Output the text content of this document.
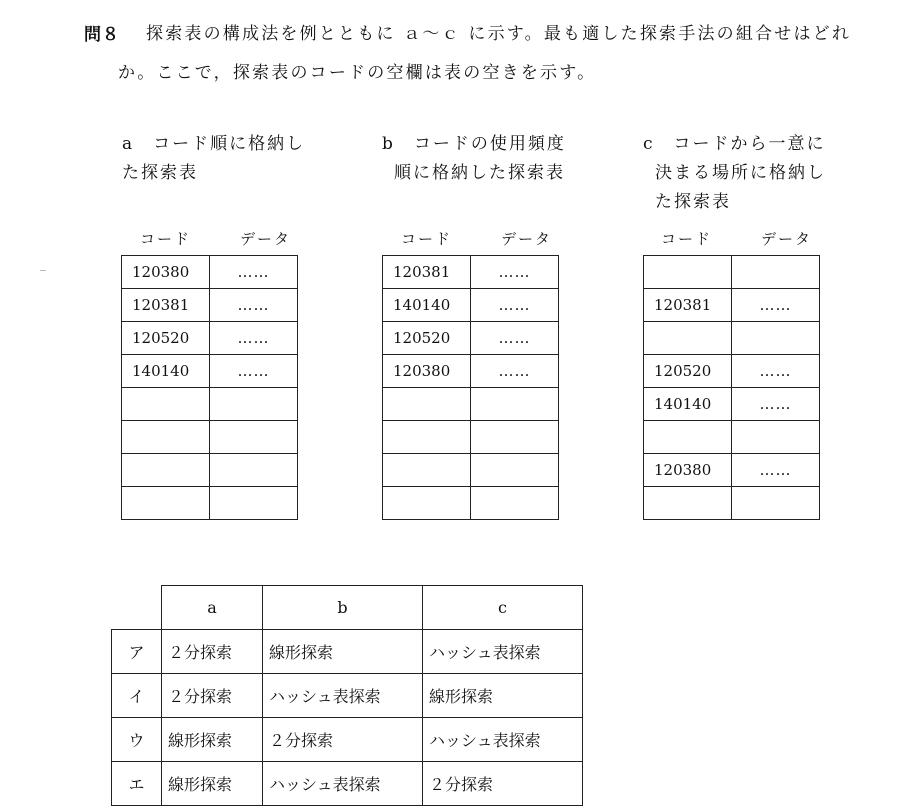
問８ 探索表の構成法を例とともに ａ～ｃ に示す。最も適した探索手法の組合せはどれ
か。ここで，探索表のコードの空欄は表の空きを示す。
a　コード順に格納し
た探索表
コード	データ
120380	……
120381	……
120520	……
140140	……

b　コードの使用頻度
順に格納した探索表
コード	データ
120381	……
140140	……
120520	……
120380	……

c　コードから一意に
決まる場所に格納し
た探索表
コード	データ

120381	……

120520	……
140140	……

120380	……

	a	b	c
ア	２分探索	線形探索	ハッシュ表探索
イ	２分探索	ハッシュ表探索	線形探索
ウ	線形探索	２分探索	ハッシュ表探索
エ	線形探索	ハッシュ表探索	２分探索
